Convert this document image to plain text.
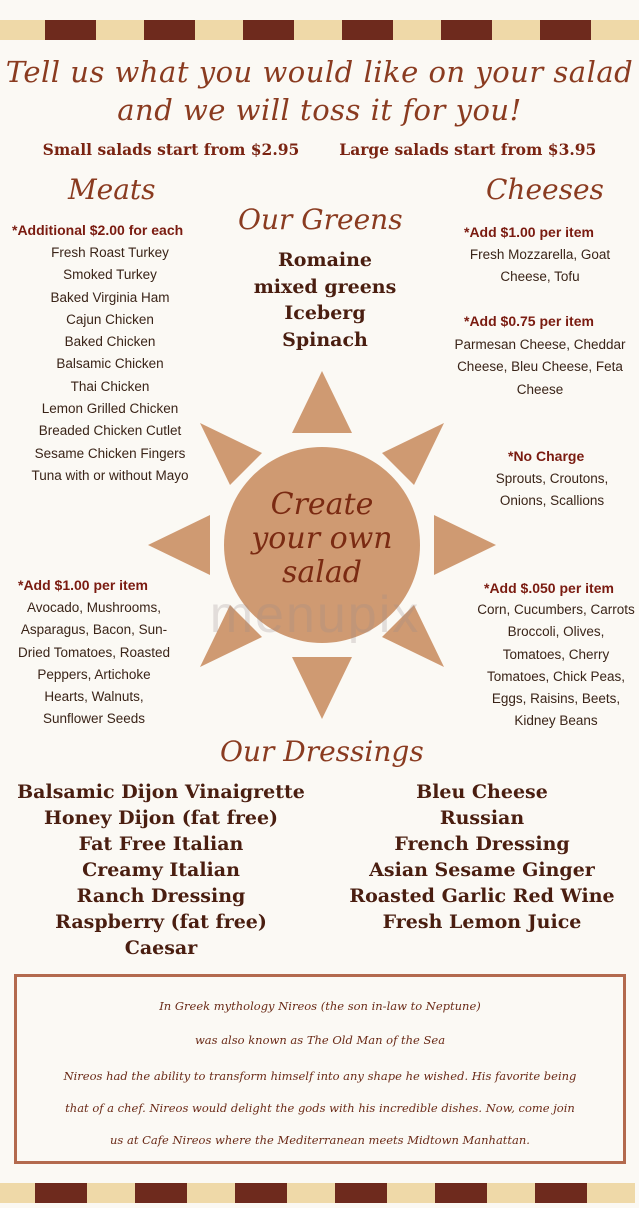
Tell us what you would like on your salad
and we will toss it for you!
Small salads start from $2.95	Large salads start from $3.95
Meats
*Additional $2.00 for each
Fresh Roast Turkey
Smoked Turkey
Baked Virginia Ham
Cajun Chicken
Baked Chicken
Balsamic Chicken
Thai Chicken
Lemon Grilled Chicken
Breaded Chicken Cutlet
Sesame Chicken Fingers
Tuna with or without Mayo
Our Greens
Romaine
mixed greens
Iceberg
Spinach
Cheeses
*Add $1.00 per item
Fresh Mozzarella, Goat
Cheese, Tofu
*Add $0.75 per item
Parmesan Cheese, Cheddar
Cheese, Bleu Cheese, Feta
Cheese
*No Charge
Sprouts, Croutons,
Onions, Scallions
Create
your own
salad
menupix
*Add $1.00 per item
Avocado, Mushrooms,
Asparagus, Bacon, Sun-
Dried Tomatoes, Roasted
Peppers, Artichoke
Hearts, Walnuts,
Sunflower Seeds
*Add $.050 per item
Corn, Cucumbers, Carrots
Broccoli, Olives,
Tomatoes, Cherry
Tomatoes, Chick Peas,
Eggs, Raisins, Beets,
Kidney Beans
Our Dressings
Balsamic Dijon Vinaigrette
Honey Dijon (fat free)
Fat Free Italian
Creamy Italian
Ranch Dressing
Raspberry (fat free)
Caesar
Bleu Cheese
Russian
French Dressing
Asian Sesame Ginger
Roasted Garlic Red Wine
Fresh Lemon Juice
In Greek mythology Nireos (the son in-law to Neptune)
was also known as The Old Man of the Sea
Nireos had the ability to transform himself into any shape he wished. His favorite being
that of a chef. Nireos would delight the gods with his incredible dishes. Now, come join
us at Cafe Nireos where the Mediterranean meets Midtown Manhattan.
